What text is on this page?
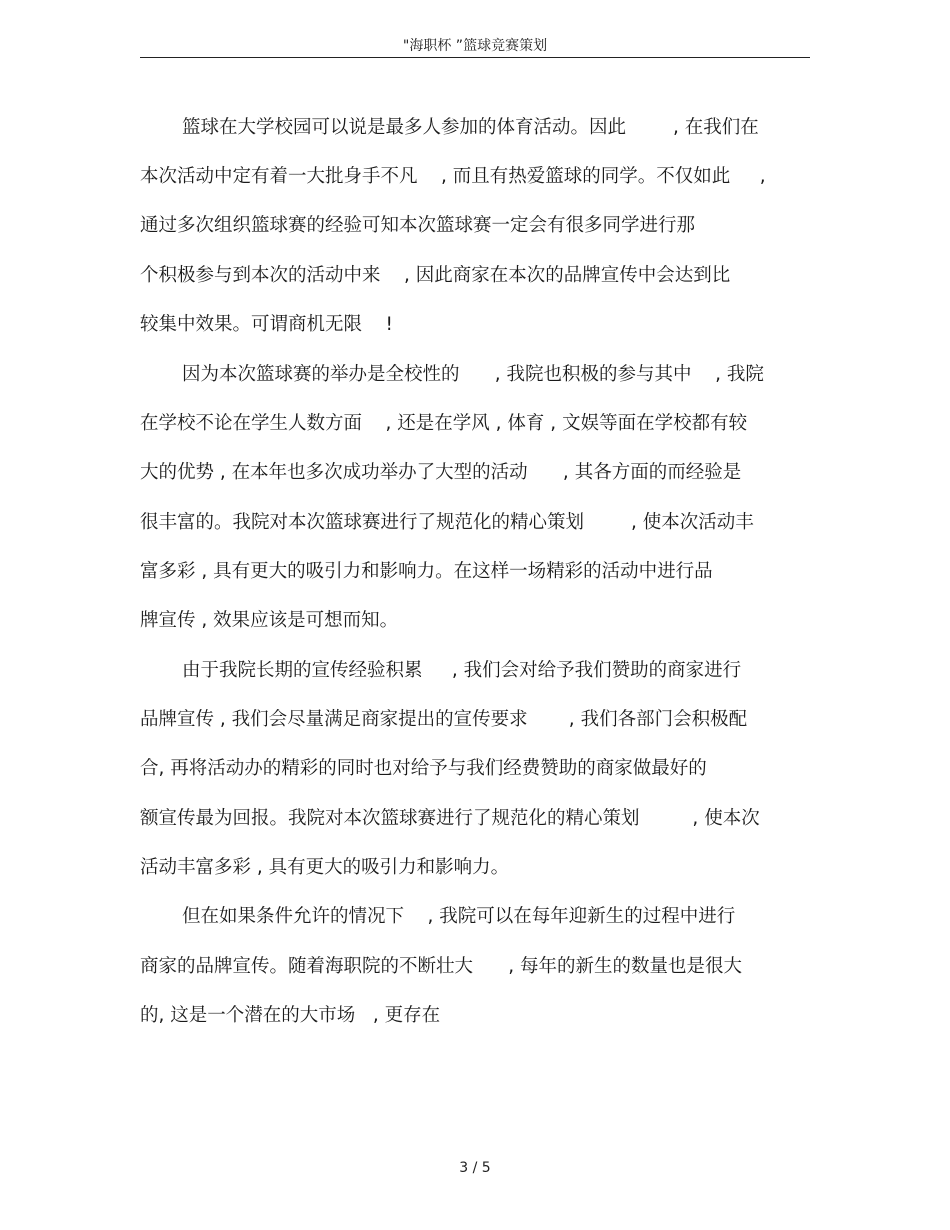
"海职杯 ”篮球竞赛策划
篮球在大学校园可以说是最多人参加的体育活动。因此        , 在我们在
本次活动中定有着一大批身手不凡    , 而且有热爱篮球的同学。不仅如此     ,
通过多次组织篮球赛的经验可知本次篮球赛一定会有很多同学进行那
个积极参与到本次的活动中来    , 因此商家在本次的品牌宣传中会达到比
较集中效果。可谓商机无限    !
因为本次篮球赛的举办是全校性的      , 我院也积极的参与其中    , 我院
在学校不论在学生人数方面    , 还是在学风 , 体育 , 文娱等面在学校都有较
大的优势 , 在本年也多次成功举办了大型的活动      , 其各方面的而经验是
很丰富的。我院对本次篮球赛进行了规范化的精心策划        , 使本次活动丰
富多彩 , 具有更大的吸引力和影响力。在这样一场精彩的活动中进行品
牌宣传 , 效果应该是可想而知。
由于我院长期的宣传经验积累     , 我们会对给予我们赞助的商家进行
品牌宣传 , 我们会尽量满足商家提出的宣传要求       , 我们各部门会积极配
合, 再将活动办的精彩的同时也对给予与我们经费赞助的商家做最好的
额宣传最为回报。我院对本次篮球赛进行了规范化的精心策划         , 使本次
活动丰富多彩 , 具有更大的吸引力和影响力。
但在如果条件允许的情况下    , 我院可以在每年迎新生的过程中进行
商家的品牌宣传。随着海职院的不断壮大      , 每年的新生的数量也是很大
的, 这是一个潜在的大市场   , 更存在
3 / 5
